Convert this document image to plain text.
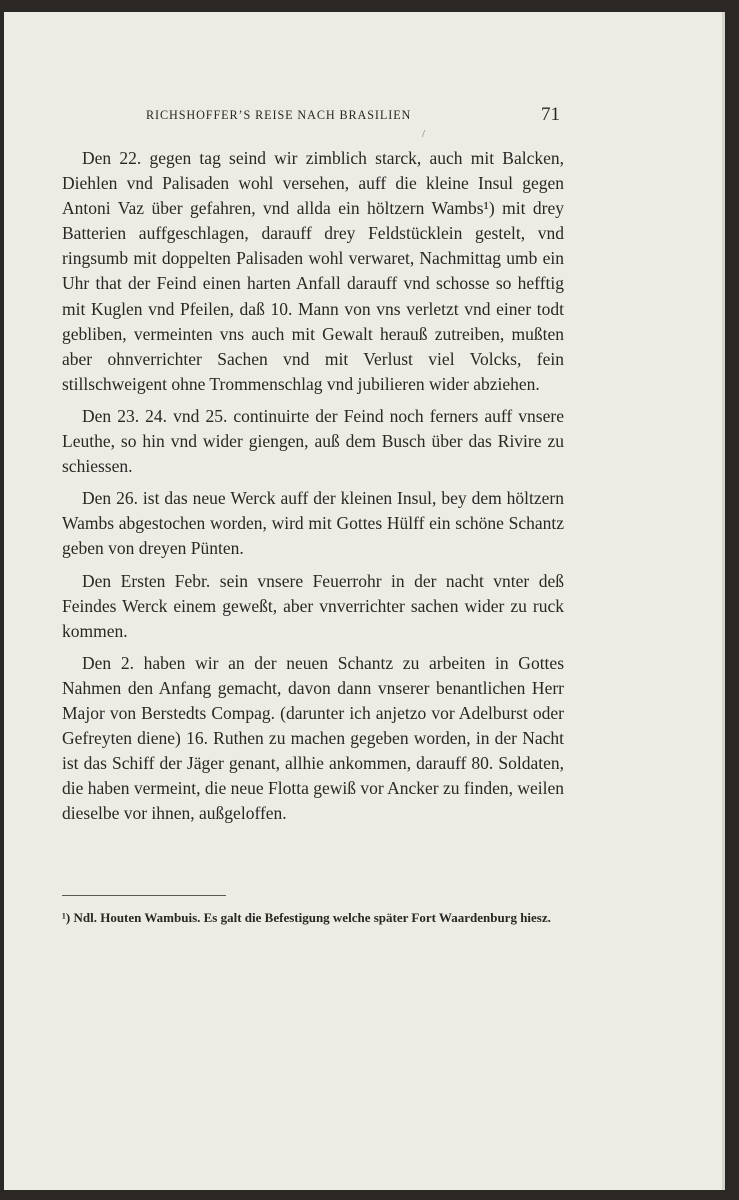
RICHSHOFFER’S REISE NACH BRASILIEN	71
/

Den 22. gegen tag seind wir zimblich starck, auch mit Balcken, Diehlen vnd Palisaden wohl versehen, auff die kleine Insul gegen Antoni Vaz über gefahren, vnd allda ein höltzern Wambs¹) mit drey Batterien auffgeschlagen, darauff drey Feldstücklein gestelt, vnd ringsumb mit doppelten Palisaden wohl verwaret, Nachmittag umb ein Uhr that der Feind einen harten Anfall darauff vnd schosse so hefftig mit Kuglen vnd Pfeilen, daß 10. Mann von vns verletzt vnd einer todt gebliben, vermeinten vns auch mit Gewalt herauß zutreiben, mußten aber ohnverrichter Sachen vnd mit Verlust viel Volcks, fein stillschweigent ohne Trommenschlag vnd jubilieren wider abziehen.

Den 23. 24. vnd 25. continuirte der Feind noch ferners auff vnsere Leuthe, so hin vnd wider giengen, auß dem Busch über das Rivire zu schiessen.

Den 26. ist das neue Werck auff der kleinen Insul, bey dem höltzern Wambs abgestochen worden, wird mit Gottes Hülff ein schöne Schantz geben von dreyen Pünten.

Den Ersten Febr. sein vnsere Feuerrohr in der nacht vnter deß Feindes Werck einem geweßt, aber vnverrichter sachen wider zu ruck kommen.

Den 2. haben wir an der neuen Schantz zu arbeiten in Gottes Nahmen den Anfang gemacht, davon dann vnserer benantlichen Herr Major von Berstedts Compag. (darunter ich anjetzo vor Adelburst oder Gefreyten diene) 16. Ruthen zu machen gegeben worden, in der Nacht ist das Schiff der Jäger genant, allhie ankommen, darauff 80. Soldaten, die haben vermeint, die neue Flotta gewiß vor Ancker zu finden, weilen dieselbe vor ihnen, außgeloffen.

¹) Ndl. Houten Wambuis. Es galt die Befestigung welche später Fort Waardenburg hiesz.
